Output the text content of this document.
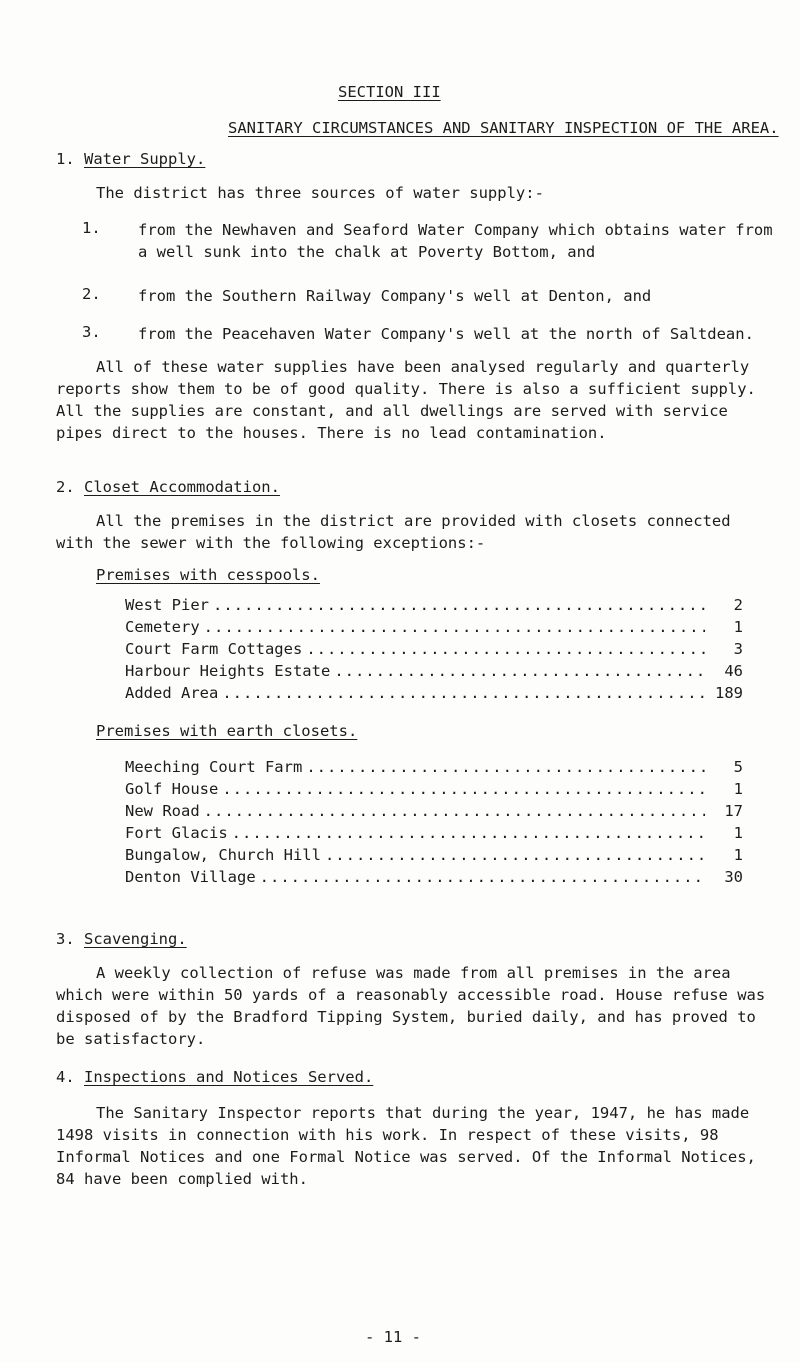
SECTION III
SANITARY CIRCUMSTANCES AND SANITARY INSPECTION OF THE AREA.
1. Water Supply.
The district has three sources of water supply:-
1. from the Newhaven and Seaford Water Company which obtains water from a well sunk into the chalk at Poverty Bottom, and
2. from the Southern Railway Company's well at Denton, and
3. from the Peacehaven Water Company's well at the north of Saltdean.
All of these water supplies have been analysed regularly and quarterly reports show them to be of good quality. There is also a sufficient supply. All the supplies are constant, and all dwellings are served with service pipes direct to the houses. There is no lead contamination.
2. Closet Accommodation.
All the premises in the district are provided with closets connected with the sewer with the following exceptions:-
Premises with cesspools.
West Pier .....	2
Cemetery .....	1
Court Farm Cottages .....	3
Harbour Heights Estate .....	46
Added Area .....	189
Premises with earth closets.
Meeching Court Farm .....	5
Golf House .....	1
New Road .....	17
Fort Glacis .....	1
Bungalow, Church Hill .....	1
Denton Village .....	30
3. Scavenging.
A weekly collection of refuse was made from all premises in the area which were within 50 yards of a reasonably accessible road. House refuse was disposed of by the Bradford Tipping System, buried daily, and has proved to be satisfactory.
4. Inspections and Notices Served.
The Sanitary Inspector reports that during the year, 1947, he has made 1498 visits in connection with his work. In respect of these visits, 98 Informal Notices and one Formal Notice was served. Of the Informal Notices, 84 have been complied with.
- 11 -
